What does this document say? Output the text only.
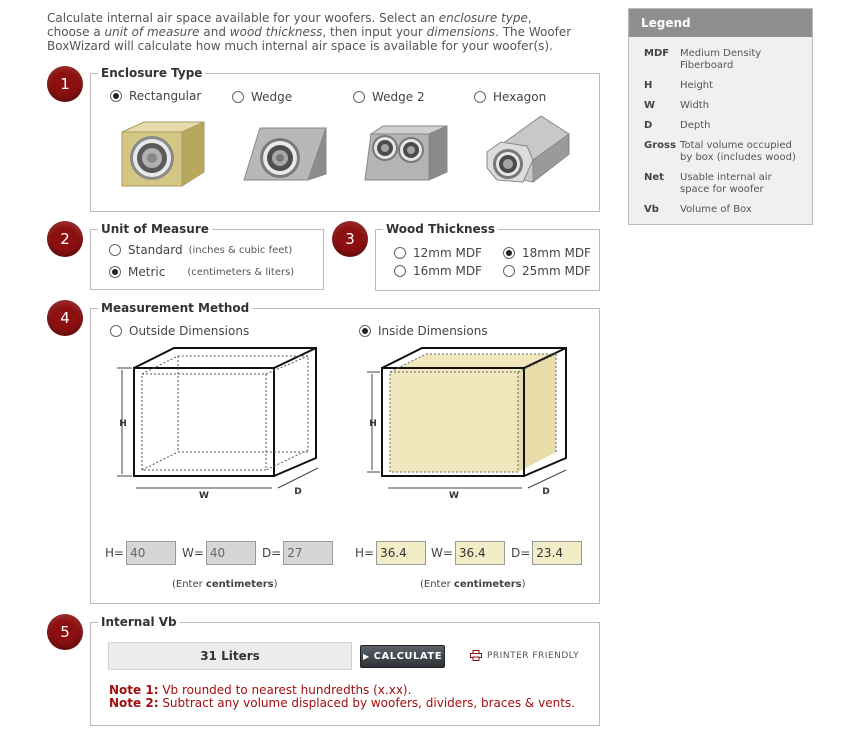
Calculate internal air space available for your woofers. Select an enclosure type, choose a unit of measure and wood thickness, then input your dimensions. The Woofer BoxWizard will calculate how much internal air space is available for your woofer(s).
1
2	3
4
5
Enclosure Type
Rectangular	Wedge	Wedge 2	Hexagon
Unit of Measure
Standard (inches & cubic feet)
Metric (centimeters & liters)
Wood Thickness
12mm MDF	18mm MDF
16mm MDF	25mm MDF
Measurement Method
Outside Dimensions	Inside Dimensions
H
W	D
H
W	D
H=
40	W=
40	D=
27
(Enter centimeters)
H=
36.4	W=
36.4	D=
23.4
(Enter centimeters)
Internal Vb
31 Liters	▶ CALCULATE	PRINTER FRIENDLY
Note 1: Vb rounded to nearest hundredths (x.xx).
Note 2: Subtract any volume displaced by woofers, dividers, braces & vents.
Legend
MDF	Medium Density Fiberboard
H	Height
W	Width
D	Depth
Gross Total volume occupied by box (includes wood)
Net	Usable internal air space for woofer
Vb	Volume of Box
